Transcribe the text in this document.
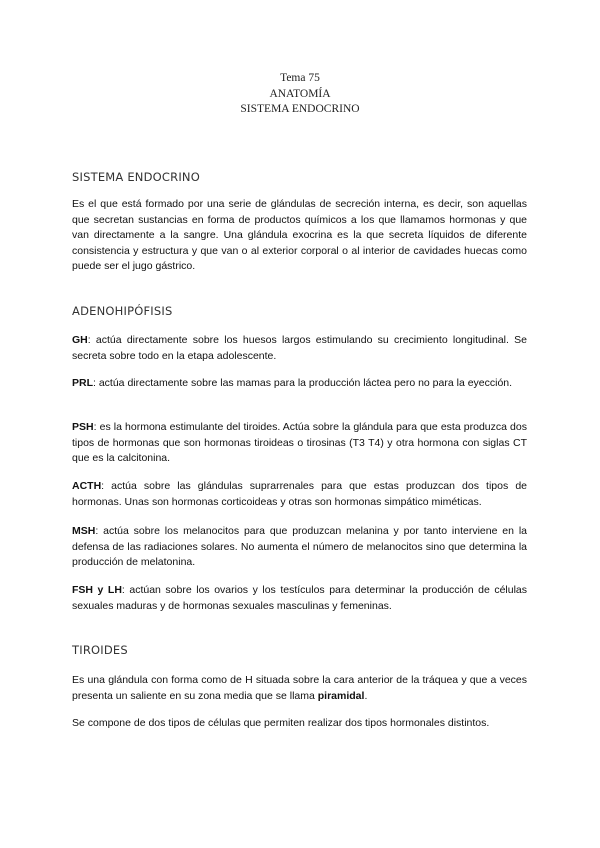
Tema 75
ANATOMÍA
SISTEMA ENDOCRINO
SISTEMA ENDOCRINO

Es el que está formado por una serie de glándulas de secreción interna, es decir, son aquellas que secretan sustancias en forma de productos químicos a los que llamamos hormonas y que van directamente a la sangre. Una glándula exocrina es la que secreta líquidos de diferente consistencia y estructura y que van o al exterior corporal o al interior de cavidades huecas como puede ser el jugo gástrico.

ADENOHIPÓFISIS

GH: actúa directamente sobre los huesos largos estimulando su crecimiento longitudinal. Se secreta sobre todo en la etapa adolescente.

PRL: actúa directamente sobre las mamas para la producción láctea pero no para la eyección.

PSH: es la hormona estimulante del tiroides. Actúa sobre la glándula para que esta produzca dos tipos de hormonas que son hormonas tiroideas o tirosinas (T3 T4) y otra hormona con siglas CT que es la calcitonina.

ACTH: actúa sobre las glándulas suprarrenales para que estas produzcan dos tipos de hormonas. Unas son hormonas corticoideas y otras son hormonas simpático miméticas.

MSH: actúa sobre los melanocitos para que produzcan melanina y por tanto interviene en la defensa de las radiaciones solares. No aumenta el número de melanocitos sino que determina la producción de melatonina.

FSH y LH: actúan sobre los ovarios y los testículos para determinar la producción de células sexuales maduras y de hormonas sexuales masculinas y femeninas.

TIROIDES

Es una glándula con forma como de H situada sobre la cara anterior de la tráquea y que a veces presenta un saliente en su zona media que se llama piramidal.

Se compone de dos tipos de células que permiten realizar dos tipos hormonales distintos.
